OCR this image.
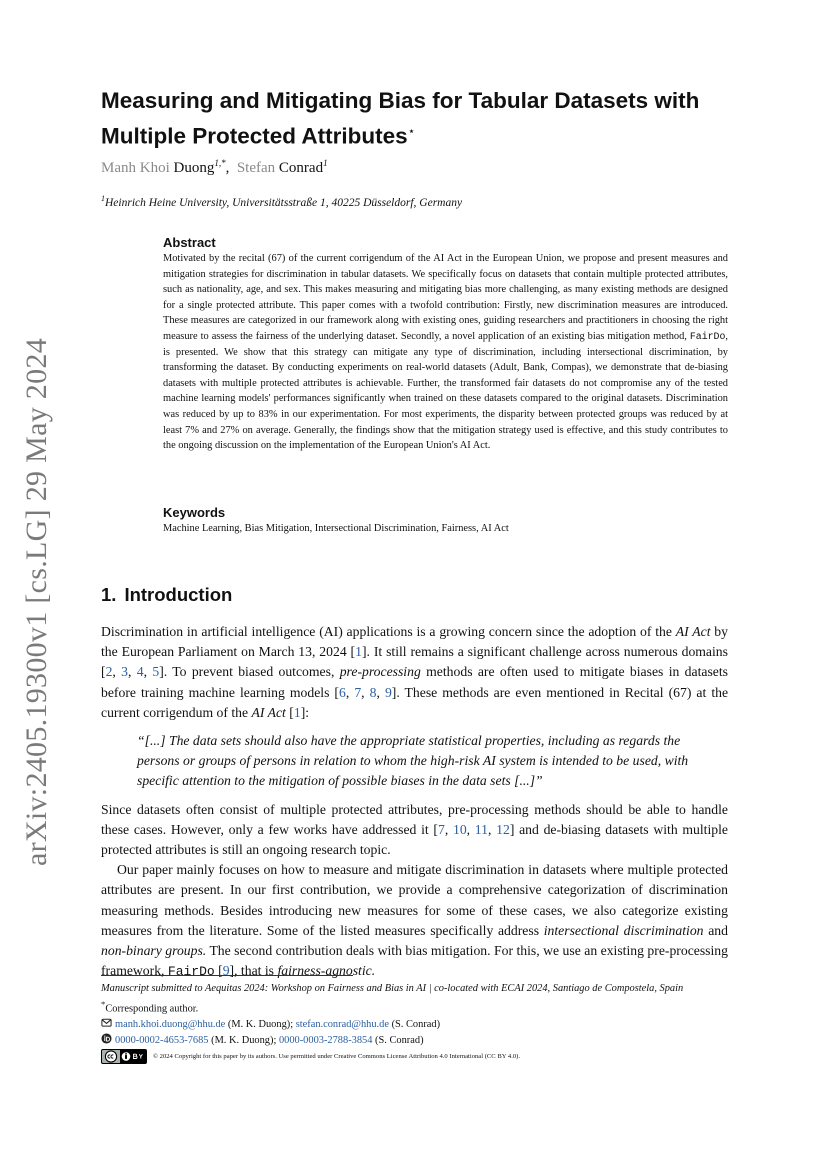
arXiv:2405.19300v1 [cs.LG] 29 May 2024
Measuring and Mitigating Bias for Tabular Datasets with
Multiple Protected Attributes⋆
Manh Khoi Duong$^{1,*}$,  Stefan Conrad$^1$
$^1$Heinrich Heine University, Universitätsstraße 1, 40225 Düsseldorf, Germany
Abstract

Motivated by the recital (67) of the current corrigendum of the AI Act in the European Union, we propose and present measures and mitigation strategies for discrimination in tabular datasets. We specifically focus on datasets that contain multiple protected attributes, such as nationality, age, and sex. This makes measuring and mitigating bias more challenging, as many existing methods are designed for a single protected attribute. This paper comes with a twofold contribution: Firstly, new discrimination measures are introduced. These measures are categorized in our framework along with existing ones, guiding researchers and practitioners in choosing the right measure to assess the fairness of the underlying dataset. Secondly, a novel application of an existing bias mitigation method, FairDo, is presented. We show that this strategy can mitigate any type of discrimination, including intersectional discrimination, by transforming the dataset. By conducting experiments on real-world datasets (Adult, Bank, Compas), we demonstrate that de-biasing datasets with multiple protected attributes is achievable. Further, the transformed fair datasets do not compromise any of the tested machine learning models' performances significantly when trained on these datasets compared to the original datasets. Discrimination was reduced by up to 83% in our experimentation. For most experiments, the disparity between protected groups was reduced by at least 7% and 27% on average. Generally, the findings show that the mitigation strategy used is effective, and this study contributes to the ongoing discussion on the implementation of the European Union's AI Act.

Keywords

Machine Learning, Bias Mitigation, Intersectional Discrimination, Fairness, AI Act

1. Introduction

Discrimination in artificial intelligence (AI) applications is a growing concern since the adoption of the AI Act by the European Parliament on March 13, 2024 [1]. It still remains a significant challenge across numerous domains [2, 3, 4, 5]. To prevent biased outcomes, pre-processing methods are often used to mitigate biases in datasets before training machine learning models [6, 7, 8, 9]. These methods are even mentioned in Recital (67) at the current corrigendum of the AI Act [1]:

“[...] The data sets should also have the appropriate statistical properties, including as regards the persons or groups of persons in relation to whom the high-risk AI system is intended to be used, with specific attention to the mitigation of possible biases in the data sets [...]”

Since datasets often consist of multiple protected attributes, pre-processing methods should be able to handle these cases. However, only a few works have addressed it [7, 10, 11, 12] and de-biasing datasets with multiple protected attributes is still an ongoing research topic.

Our paper mainly focuses on how to measure and mitigate discrimination in datasets where multiple protected attributes are present. In our first contribution, we provide a comprehensive categorization of discrimination measuring methods. Besides introducing new measures for some of these cases, we also categorize existing measures from the literature. Some of the listed measures specifically address intersectional discrimination and non-binary groups. The second contribution deals with bias mitigation. For this, we use an existing pre-processing framework, FairDo [9], that is fairness-agnostic.

Manuscript submitted to Aequitas 2024: Workshop on Fairness and Bias in AI | co-located with ECAI 2024, Santiago de Compostela, Spain
*Corresponding author.
manh.khoi.duong@hhu.de (M. K. Duong); stefan.conrad@hhu.de (S. Conrad)
0000-0002-4653-7685 (M. K. Duong); 0000-0003-2788-3854 (S. Conrad)
© 2024 Copyright for this paper by its authors. Use permitted under Creative Commons License Attribution 4.0 International (CC BY 4.0).
